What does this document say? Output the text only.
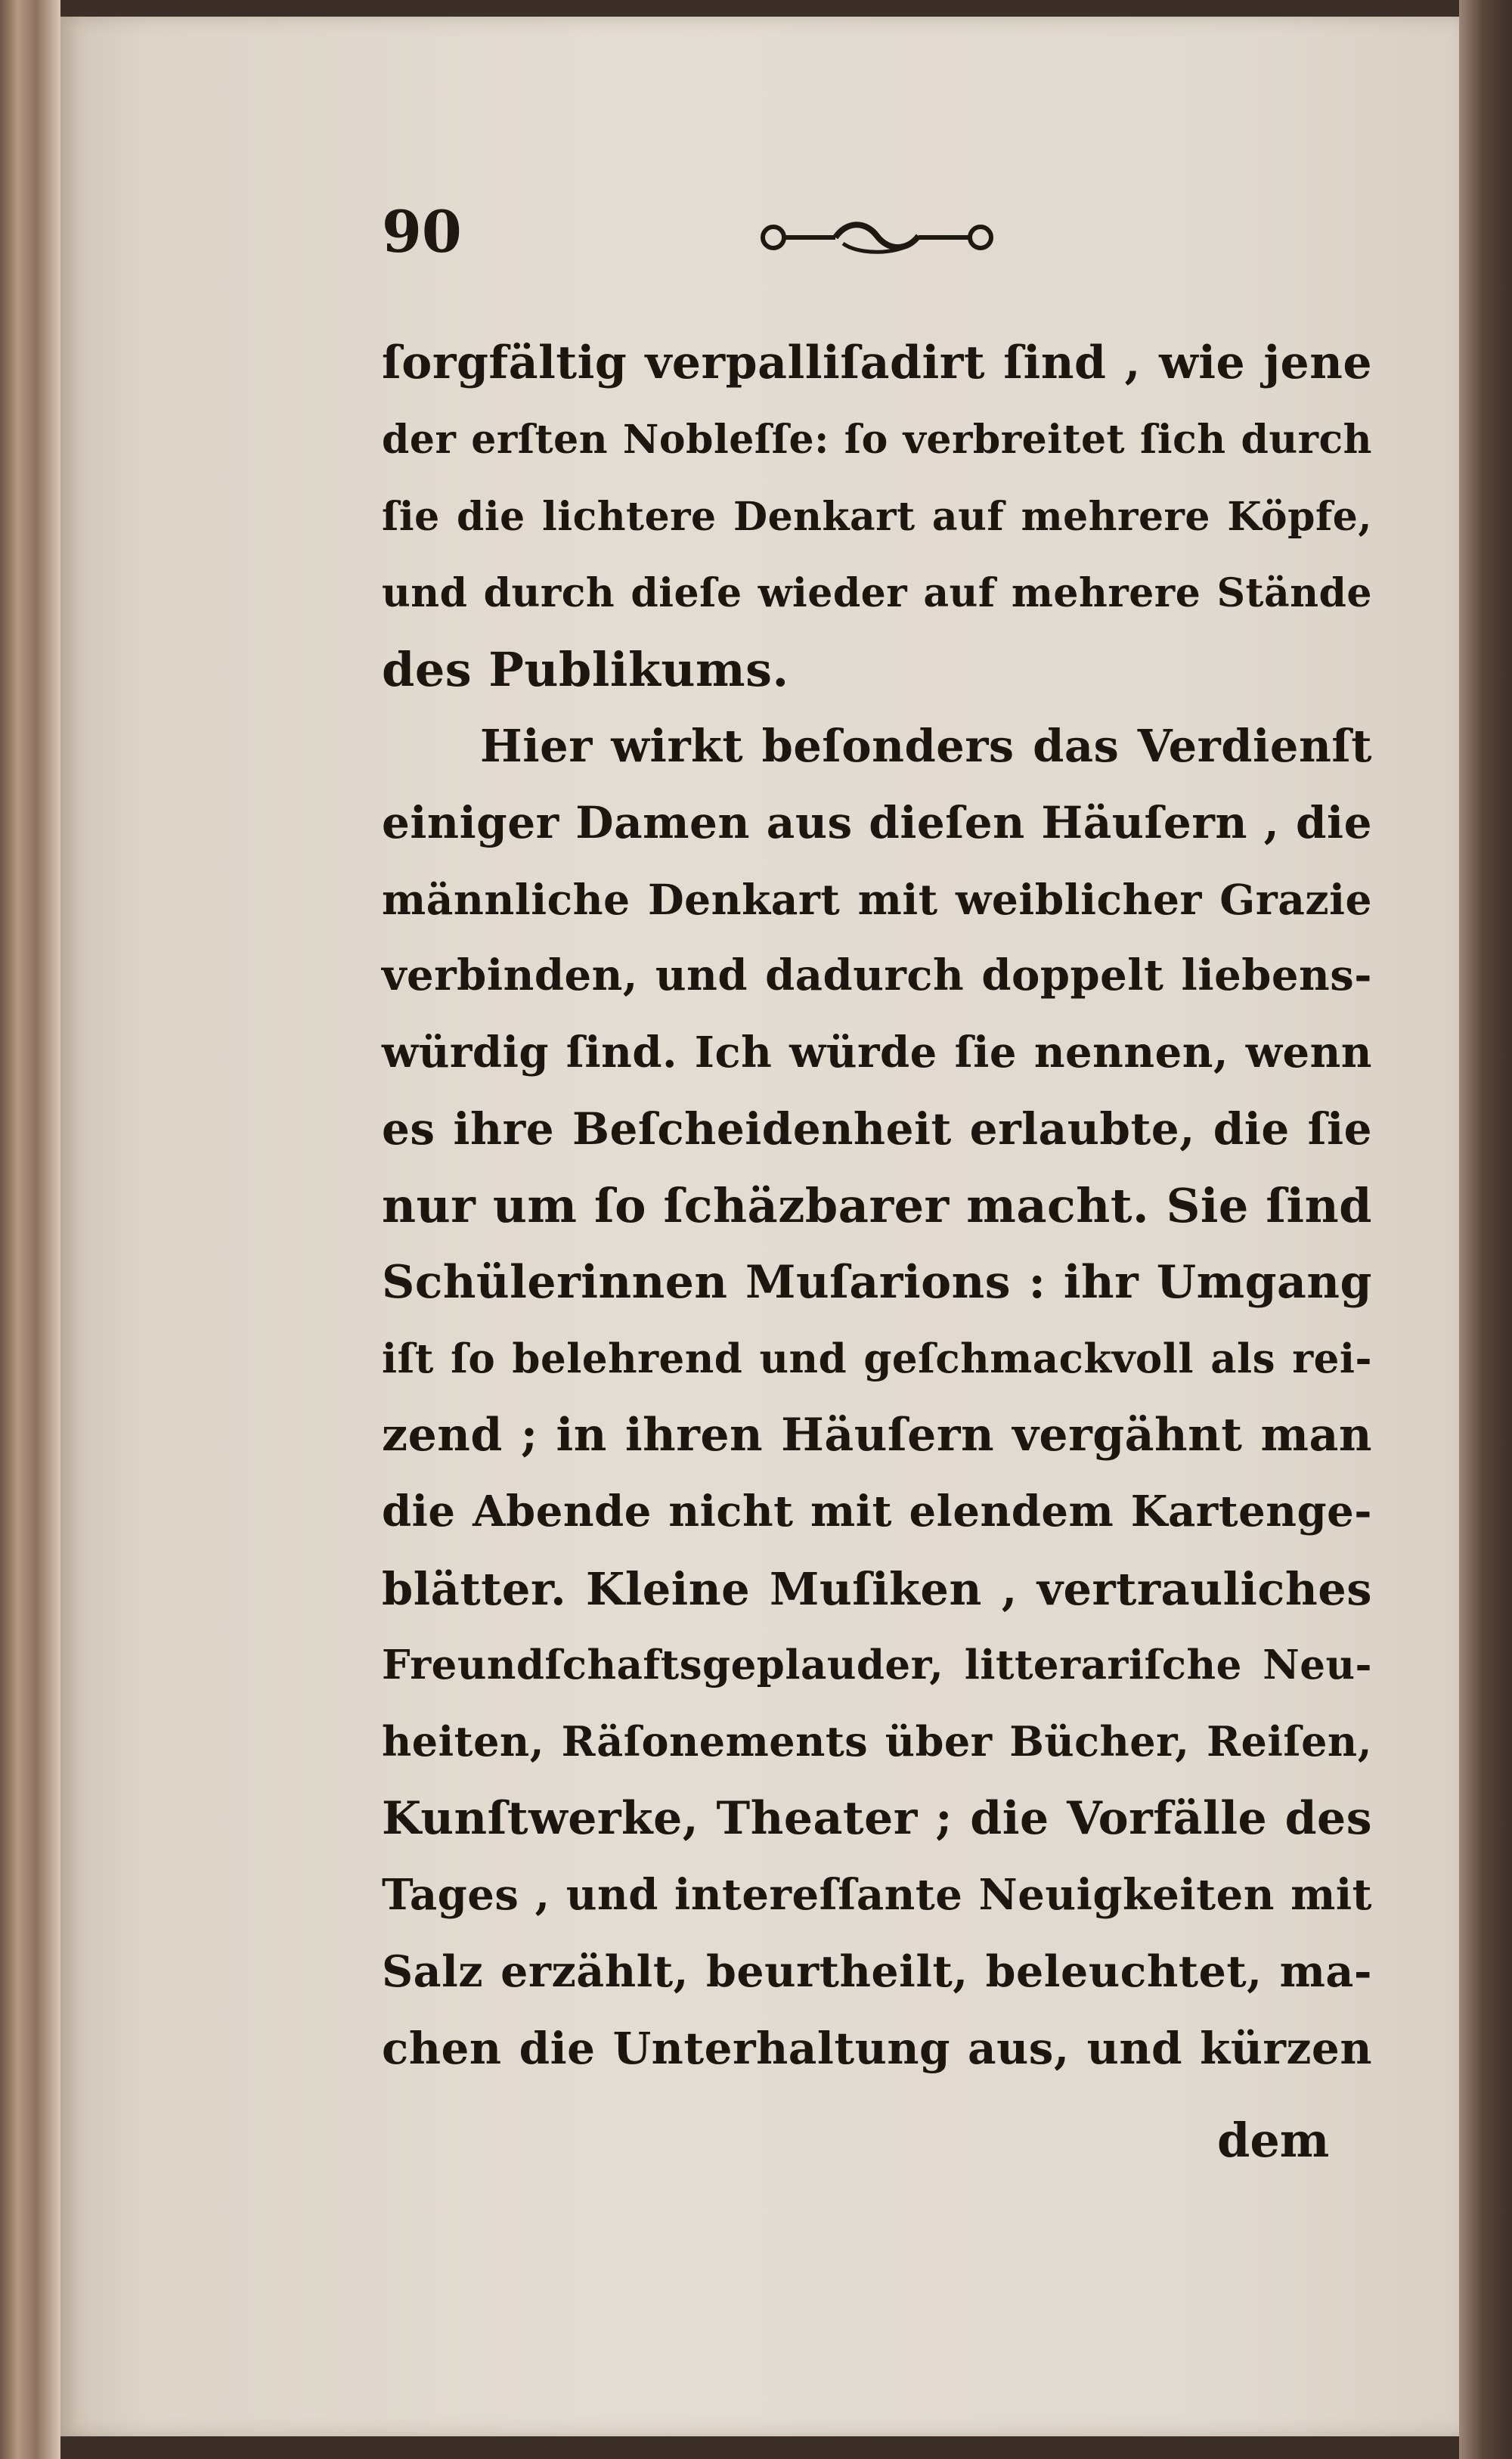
90
ſorgfältig verpalliſadirt ſind , wie jene
der erſten Nobleſſe: ſo verbreitet ſich durch
ſie die lichtere Denkart auf mehrere Köpfe,
und durch dieſe wieder auf mehrere Stände
des Publikums.
Hier wirkt beſonders das Verdienſt
einiger Damen aus dieſen Häuſern , die
männliche Denkart mit weiblicher Grazie
verbinden, und dadurch doppelt liebens-
würdig ſind. Ich würde ſie nennen, wenn
es ihre Beſcheidenheit erlaubte, die ſie
nur um ſo ſchäzbarer macht. Sie ſind
Schülerinnen Muſarions : ihr Umgang
iſt ſo belehrend und geſchmackvoll als rei-
zend ; in ihren Häuſern vergähnt man
die Abende nicht mit elendem Kartenge-
blätter. Kleine Muſiken , vertrauliches
Freundſchaftsgeplauder, litterariſche Neu-
heiten, Räſonements über Bücher, Reiſen,
Kunſtwerke, Theater ; die Vorfälle des
Tages , und intereſſante Neuigkeiten mit
Salz erzählt, beurtheilt, beleuchtet, ma-
chen die Unterhaltung aus, und kürzen
dem
